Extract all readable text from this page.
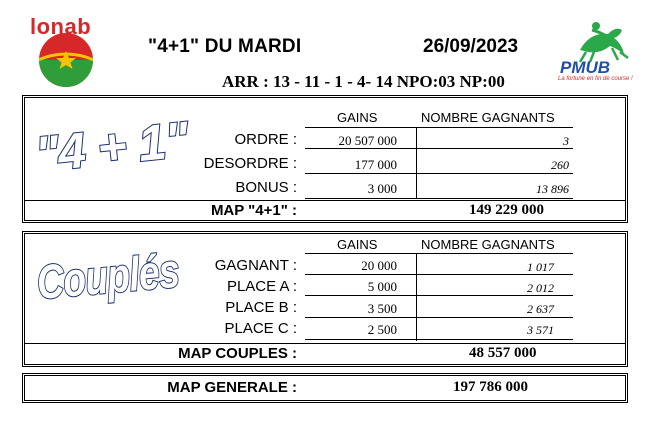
lonab
"4+1" DU MARDI	26/09/2023
ARR : 13 - 11 - 1 - 4- 14 NPO:03 NP:00
PMUB
La fortune en fin de course !
"4 + 1"	GAINS	NOMBRE GAGNANTS
ORDRE :	20 507 000	3
DESORDRE :	177 000	260
BONUS :	3 000	13 896
MAP "4+1" :	149 229 000
Couplés
GAINS	NOMBRE GAGNANTS
GAGNANT :	20 000	1 017
PLACE A :	5 000	2 012
PLACE B :	3 500	2 637
PLACE C :	2 500	3 571
MAP COUPLES :	48 557 000
MAP GENERALE :	197 786 000
